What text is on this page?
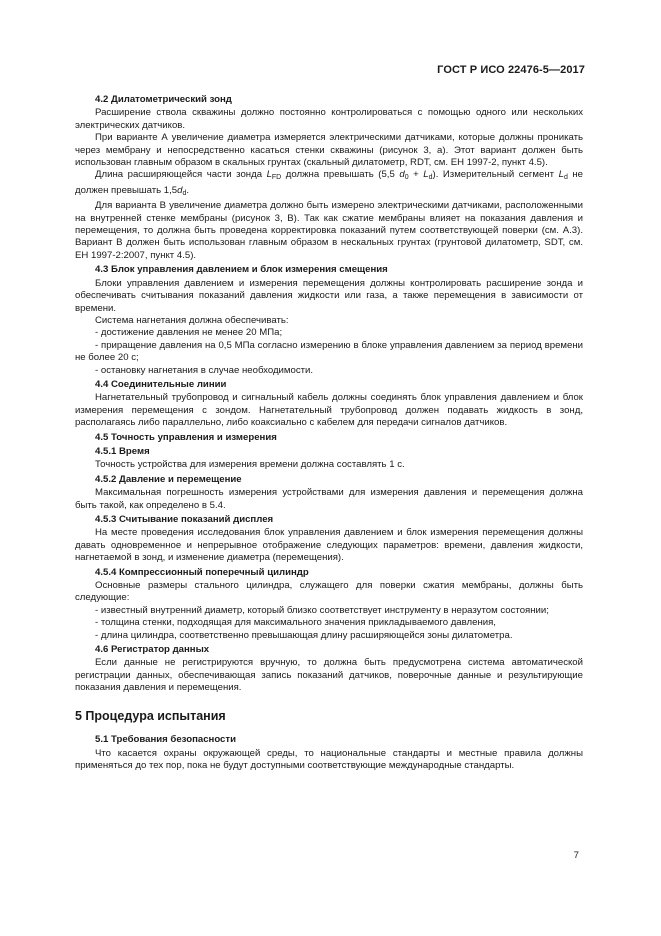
ГОСТ Р ИСО 22476-5—2017
4.2 Дилатометрический зонд
Расширение ствола скважины должно постоянно контролироваться с помощью одного или нескольких электрических датчиков.
При варианте А увеличение диаметра измеряется электрическими датчиками, которые должны проникать через мембрану и непосредственно касаться стенки скважины (рисунок 3, а). Этот вариант должен быть использован главным образом в скальных грунтах (скальный дилатометр, RDT, см. ЕН 1997-2, пункт 4.5).
Длина расширяющейся части зонда $L_{FD}$ должна превышать (5,5 $d_0 + L_d$). Измерительный сегмент $L_d$ не должен превышать $1,5d_d$.
Для варианта В увеличение диаметра должно быть измерено электрическими датчиками, расположенными на внутренней стенке мембраны (рисунок 3, В). Так как сжатие мембраны влияет на показания давления и перемещения, то должна быть проведена корректировка показаний путем соответствующей поверки (см. А.3). Вариант В должен быть использован главным образом в нескальных грунтах (грунтовой дилатометр, SDT, см. ЕН 1997-2:2007, пункт 4.5).
4.3 Блок управления давлением и блок измерения смещения
Блоки управления давлением и измерения перемещения должны контролировать расширение зонда и обеспечивать считывания показаний давления жидкости или газа, а также перемещения в зависимости от времени.
Система нагнетания должна обеспечивать:
- достижение давления не менее 20 МПа;
- приращение давления на 0,5 МПа согласно измерению в блоке управления давлением за период времени не более 20 с;
- остановку нагнетания в случае необходимости.
4.4 Соединительные линии
Нагнетательный трубопровод и сигнальный кабель должны соединять блок управления давлением и блок измерения перемещения с зондом. Нагнетательный трубопровод должен подавать жидкость в зонд, располагаясь либо параллельно, либо коаксиально с кабелем для передачи сигналов датчиков.
4.5 Точность управления и измерения
4.5.1 Время
Точность устройства для измерения времени должна составлять 1 с.
4.5.2 Давление и перемещение
Максимальная погрешность измерения устройствами для измерения давления и перемещения должна быть такой, как определено в 5.4.
4.5.3 Считывание показаний дисплея
На месте проведения исследования блок управления давлением и блок измерения перемещения должны давать одновременное и непрерывное отображение следующих параметров: времени, давления жидкости, нагнетаемой в зонд, и изменение диаметра (перемещения).
4.5.4 Компрессионный поперечный цилиндр
Основные размеры стального цилиндра, служащего для поверки сжатия мембраны, должны быть следующие:
- известный внутренний диаметр, который близко соответствует инструменту в неразутом состоянии;
- толщина стенки, подходящая для максимального значения прикладываемого давления,
- длина цилиндра, соответственно превышающая длину расширяющейся зоны дилатометра.
4.6 Регистратор данных
Если данные не регистрируются вручную, то должна быть предусмотрена система автоматической регистрации данных, обеспечивающая запись показаний датчиков, поверочные данные и результирующие показания давления и перемещения.
5 Процедура испытания
5.1 Требования безопасности
Что касается охраны окружающей среды, то национальные стандарты и местные правила должны применяться до тех пор, пока не будут доступными соответствующие международные стандарты.
7
